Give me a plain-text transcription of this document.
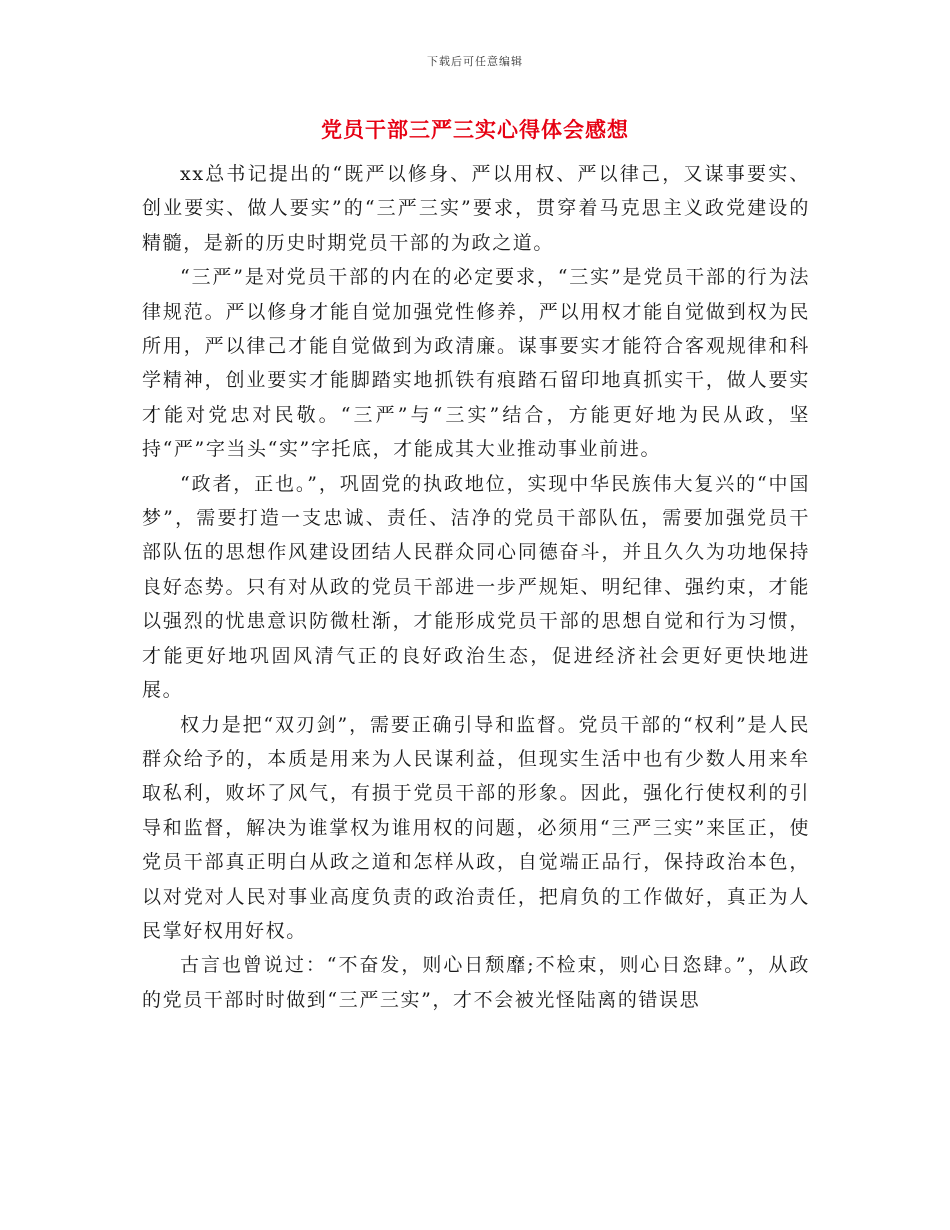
下载后可任意编辑
党员干部三严三实心得体会感想

xx总书记提出的“既严以修身、严以用权、严以律己，又谋事要实、创业要实、做人要实”的“三严三实”要求，贯穿着马克思主义政党建设的精髓，是新的历史时期党员干部的为政之道。

“三严”是对党员干部的内在的必定要求，“三实”是党员干部的行为法律规范。严以修身才能自觉加强党性修养，严以用权才能自觉做到权为民所用，严以律己才能自觉做到为政清廉。谋事要实才能符合客观规律和科学精神，创业要实才能脚踏实地抓铁有痕踏石留印地真抓实干，做人要实才能对党忠对民敬。“三严”与“三实”结合，方能更好地为民从政，坚持“严”字当头“实”字托底，才能成其大业推动事业前进。

“政者，正也。”，巩固党的执政地位，实现中华民族伟大复兴的“中国梦”，需要打造一支忠诚、责任、洁净的党员干部队伍，需要加强党员干部队伍的思想作风建设团结人民群众同心同德奋斗，并且久久为功地保持良好态势。只有对从政的党员干部进一步严规矩、明纪律、强约束，才能以强烈的忧患意识防微杜渐，才能形成党员干部的思想自觉和行为习惯，才能更好地巩固风清气正的良好政治生态，促进经济社会更好更快地进展。

权力是把“双刃剑”，需要正确引导和监督。党员干部的“权利”是人民群众给予的，本质是用来为人民谋利益，但现实生活中也有少数人用来牟取私利，败坏了风气，有损于党员干部的形象。因此，强化行使权利的引导和监督，解决为谁掌权为谁用权的问题，必须用“三严三实”来匡正，使党员干部真正明白从政之道和怎样从政，自觉端正品行，保持政治本色，以对党对人民对事业高度负责的政治责任，把肩负的工作做好，真正为人民掌好权用好权。

古言也曾说过：“不奋发，则心日颓靡;不检束，则心日恣肆。”，从政的党员干部时时做到“三严三实”，才不会被光怪陆离的错误思
